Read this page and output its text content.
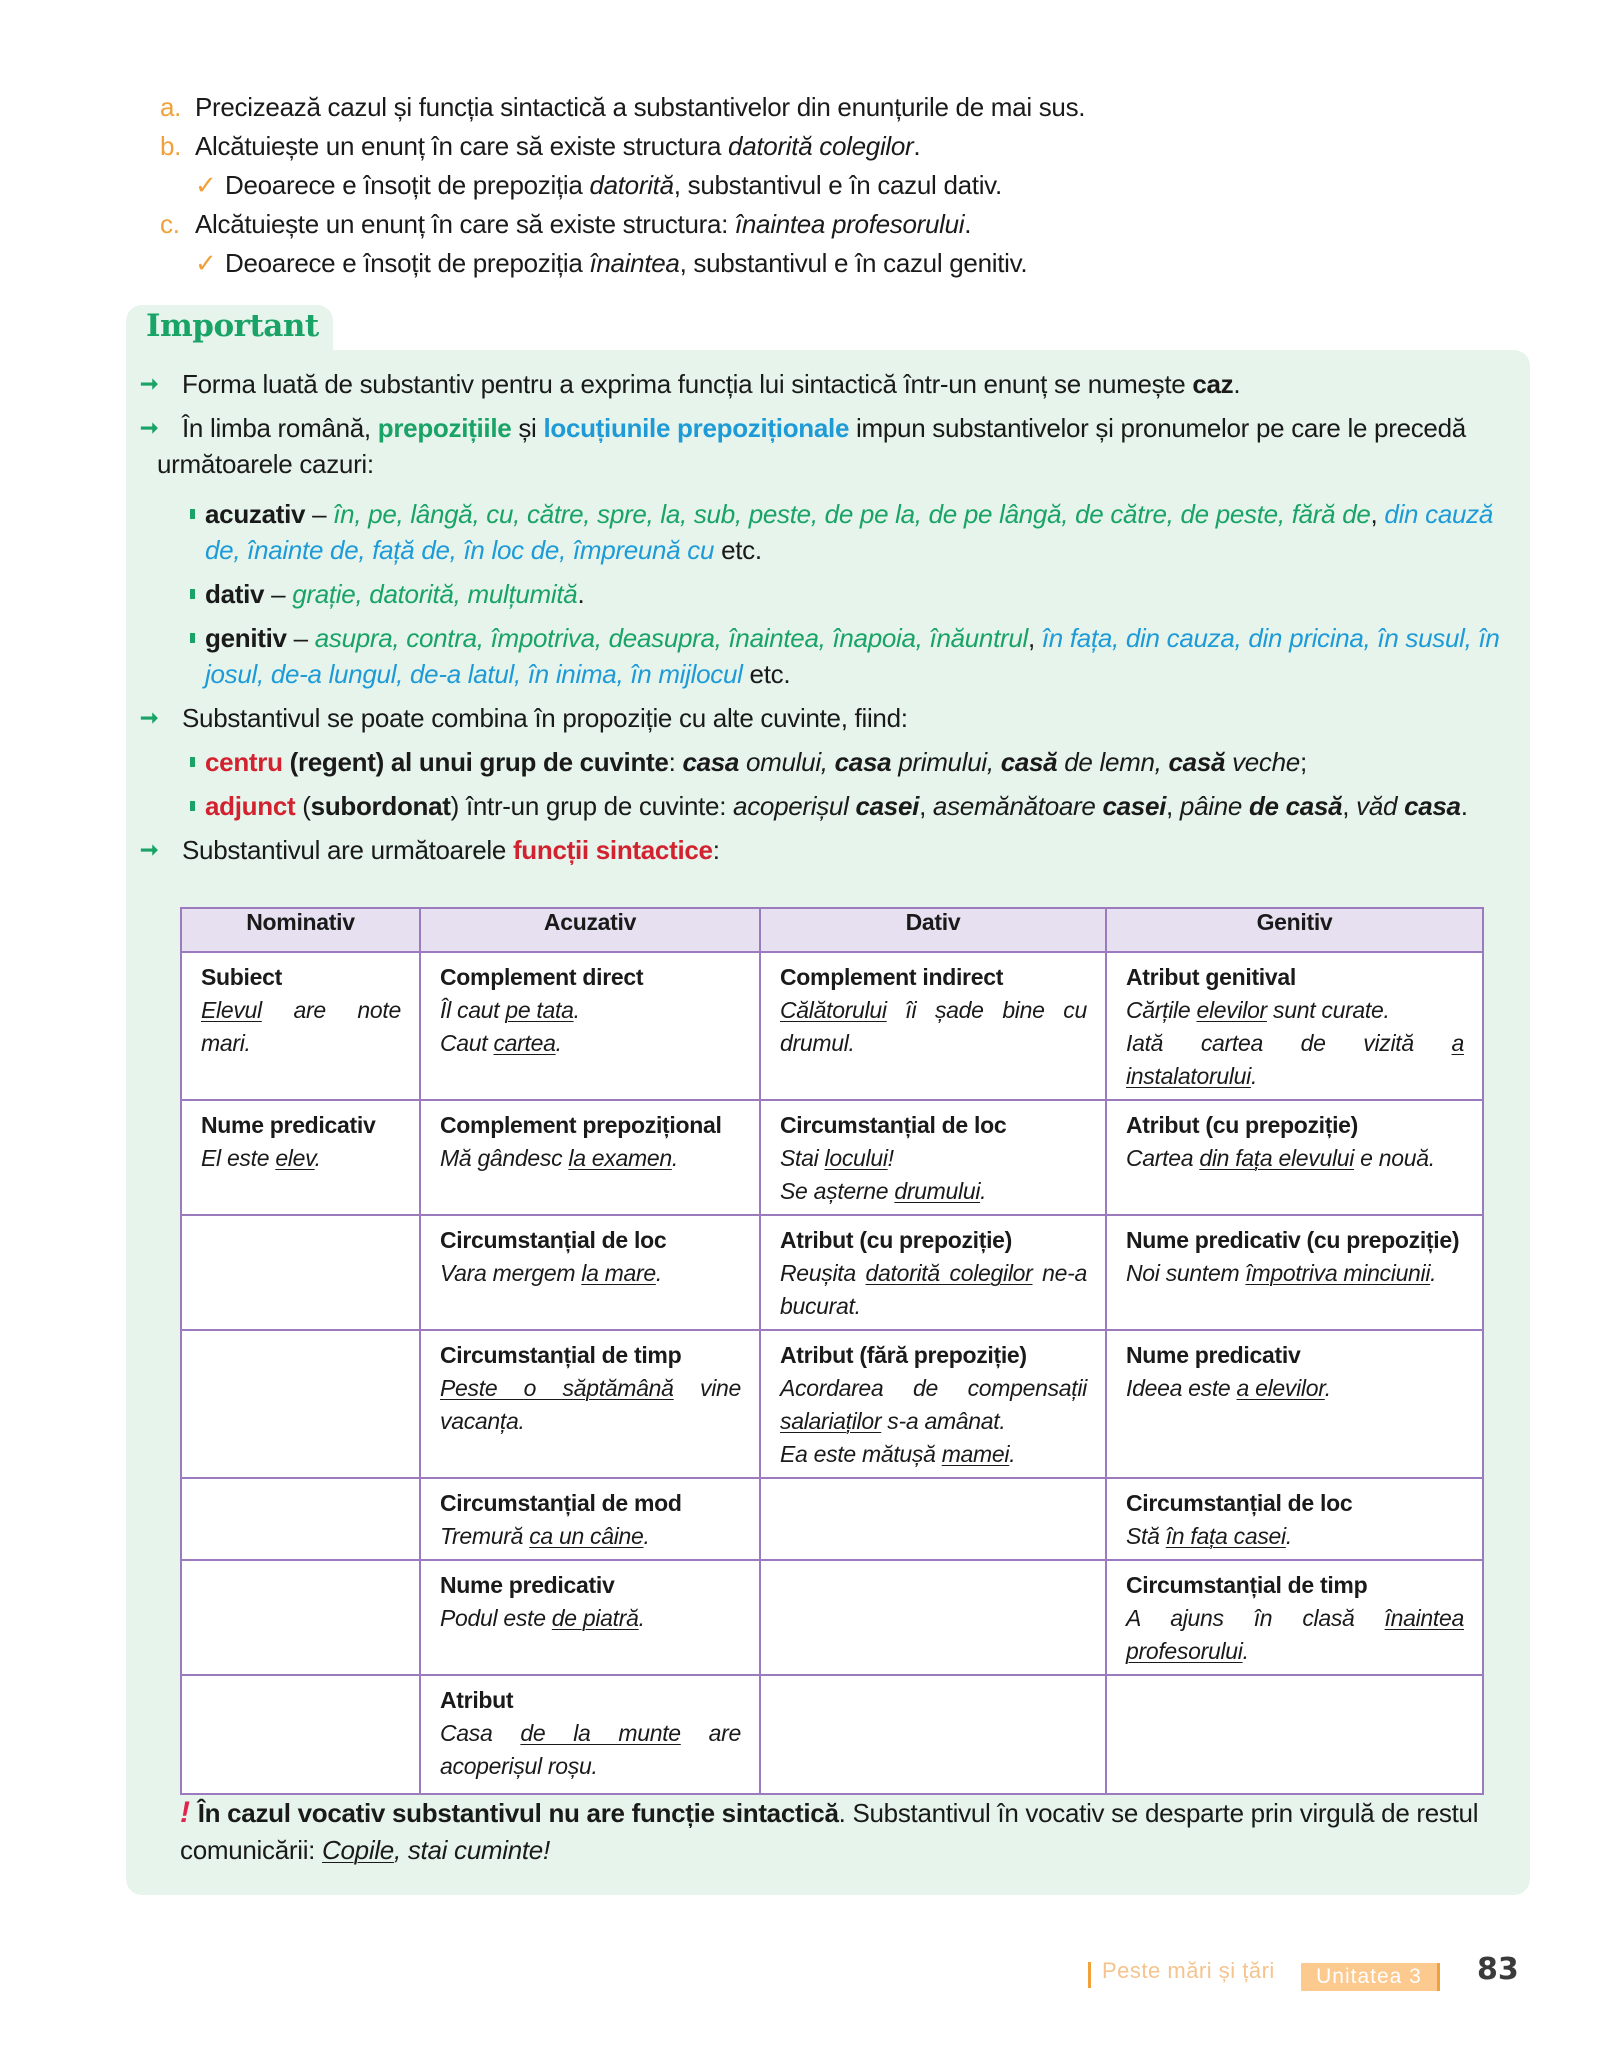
a. Precizează cazul și funcția sintactică a substantivelor din enunțurile de mai sus.
b. Alcătuiește un enunț în care să existe structura datorită colegilor.
✓ Deoarece e însoțit de prepoziția datorită, substantivul e în cazul dativ.
c. Alcătuiește un enunț în care să existe structura: înaintea profesorului.
✓ Deoarece e însoțit de prepoziția înaintea, substantivul e în cazul genitiv.
Important
➞ Forma luată de substantiv pentru a exprima funcția lui sintactică într-un enunț se numește caz.
➞ În limba română, prepozițiile și locuțiunile prepoziționale impun substantivelor și pronumelor pe care le precedă următoarele cazuri:
acuzativ – în, pe, lângă, cu, către, spre, la, sub, peste, de pe la, de pe lângă, de către, de peste, fără de, din cauză de, înainte de, față de, în loc de, împreună cu etc.
dativ – grație, datorită, mulțumită.
genitiv – asupra, contra, împotriva, deasupra, înaintea, înapoia, înăuntrul, în fața, din cauza, din pricina, în susul, în josul, de-a lungul, de-a latul, în inima, în mijlocul etc.
➞ Substantivul se poate combina în propoziție cu alte cuvinte, fiind:
centru (regent) al unui grup de cuvinte: casa omului, casa primului, casă de lemn, casă veche;
adjunct (subordonat) într-un grup de cuvinte: acoperișul casei, asemănătoare casei, pâine de casă, văd casa.
➞ Substantivul are următoarele funcții sintactice:
Nominativ	Acuzativ	Dativ	Genitiv

Subiect
Elevul are note mari.	Complement direct
Îl caut pe tata.
Caut cartea.	Complement indirect
Călătorului îi șade bine cu drumul.	Atribut genitival
Cărțile elevilor sunt curate.
Iată cartea de vizită a instalatorului.

Nume predicativ
El este elev.	Complement prepozițional
Mă gândesc la examen.	Circumstanțial de loc
Stai locului!
Se așterne drumului.	Atribut (cu prepoziție)
Cartea din fața elevului e nouă.

	Circumstanțial de loc
Vara mergem la mare.	Atribut (cu prepoziție)
Reușita datorită colegilor ne-a bucurat.	Nume predicativ (cu prepoziție)
Noi suntem împotriva minciunii.

	Circumstanțial de timp
Peste o săptămână vine vacanța.	Atribut (fără prepoziție)
Acordarea de compensații salariaților s-a amânat.
Ea este mătușă mamei.	Nume predicativ
Ideea este a elevilor.

	Circumstanțial de mod
Tremură ca un câine.		Circumstanțial de loc
Stă în fața casei.

	Nume predicativ
Podul este de piatră.		Circumstanțial de timp
A ajuns în clasă înaintea profesorului.

	Atribut
Casa de la munte are acoperișul roșu.		

! În cazul vocativ substantivul nu are funcție sintactică. Substantivul în vocativ se desparte prin virgulă de restul comunicării: Copile, stai cuminte!
Peste mări și țări	Unitatea 3	83
